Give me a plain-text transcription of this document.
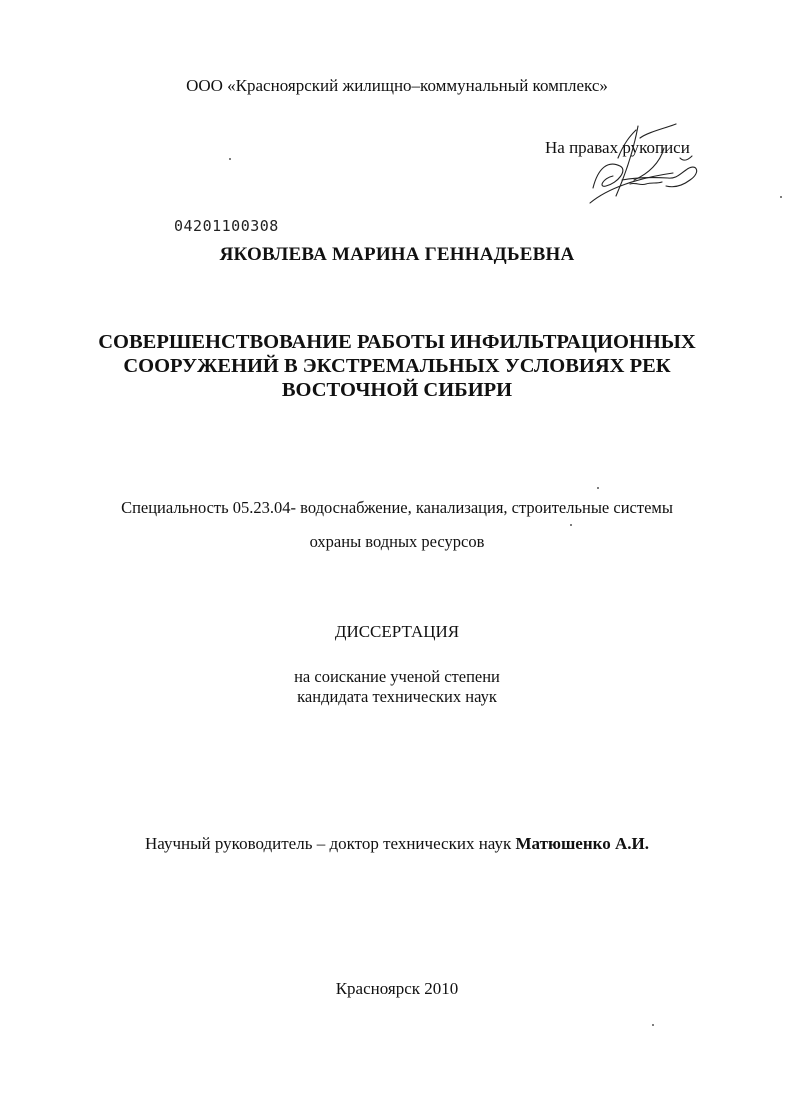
ООО «Красноярский жилищно–коммунальный комплекс»
На правах рукописи
04201100308
ЯКОВЛЕВА МАРИНА ГЕННАДЬЕВНА
СОВЕРШЕНСТВОВАНИЕ РАБОТЫ ИНФИЛЬТРАЦИОННЫХ
СООРУЖЕНИЙ В ЭКСТРЕМАЛЬНЫХ УСЛОВИЯХ РЕК
ВОСТОЧНОЙ СИБИРИ
Специальность 05.23.04- водоснабжение, канализация, строительные системы
охраны водных ресурсов
ДИССЕРТАЦИЯ
на соискание ученой степени
кандидата технических наук
Научный руководитель – доктор технических наук Матюшенко А.И.
Красноярск 2010
